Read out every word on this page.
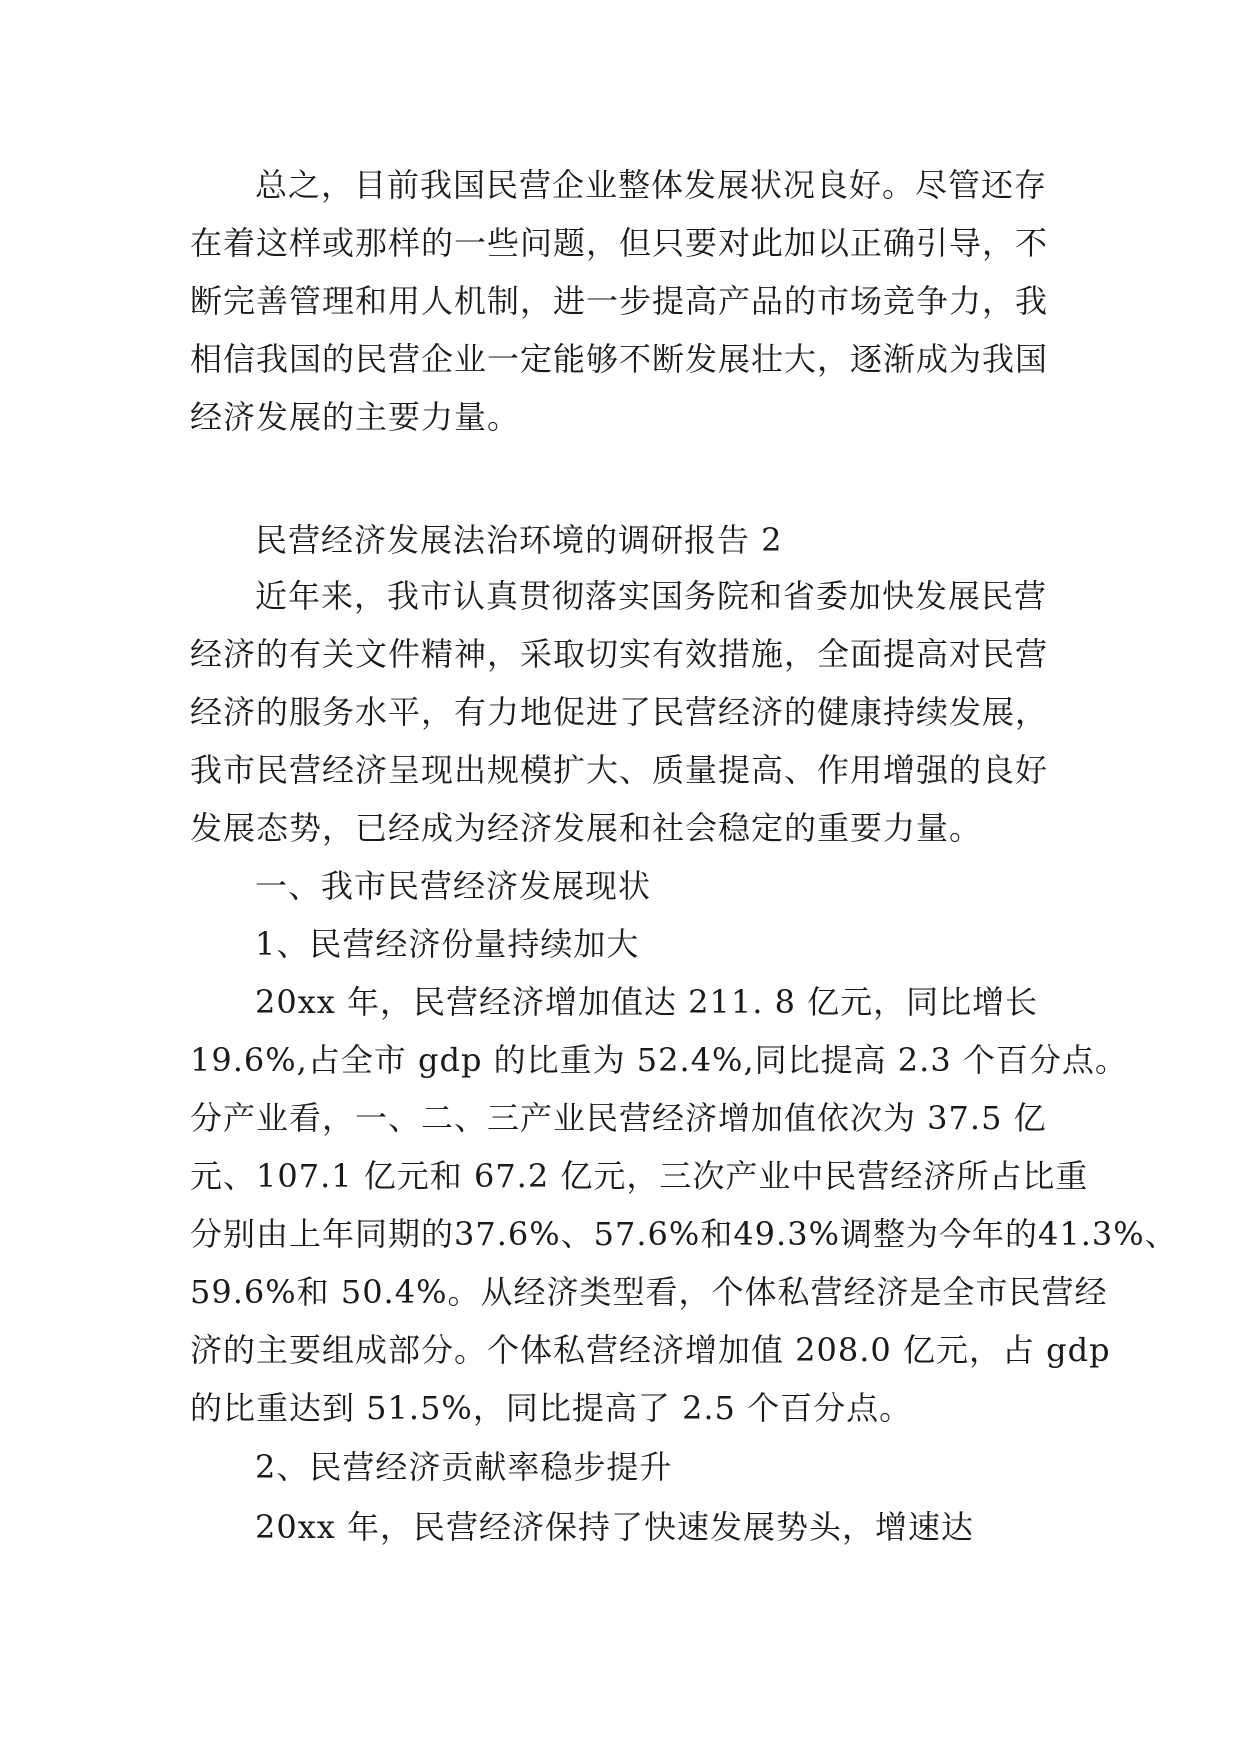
总之，目前我国民营企业整体发展状况良好。尽管还存
在着这样或那样的一些问题，但只要对此加以正确引导，不
断完善管理和用人机制，进一步提高产品的市场竞争力，我
相信我国的民营企业一定能够不断发展壮大，逐渐成为我国
经济发展的主要力量。
民营经济发展法治环境的调研报告 2
近年来，我市认真贯彻落实国务院和省委加快发展民营
经济的有关文件精神，采取切实有效措施，全面提高对民营
经济的服务水平，有力地促进了民营经济的健康持续发展，
我市民营经济呈现出规模扩大、质量提高、作用增强的良好
发展态势，已经成为经济发展和社会稳定的重要力量。
一、我市民营经济发展现状
1、民营经济份量持续加大
20xx 年，民营经济增加值达 211. 8 亿元，同比增长
19.6%,占全市 gdp 的比重为 52.4%,同比提高 2.3 个百分点。
分产业看，一、二、三产业民营经济增加值依次为 37.5 亿
元、107.1 亿元和 67.2 亿元，三次产业中民营经济所占比重
分别由上年同期的37.6%、57.6%和49.3%调整为今年的41.3%、
59.6%和 50.4%。从经济类型看，个体私营经济是全市民营经
济的主要组成部分。个体私营经济增加值 208.0 亿元，占 gdp
的比重达到 51.5%，同比提高了 2.5 个百分点。
2、民营经济贡献率稳步提升
20xx 年，民营经济保持了快速发展势头，增速达
